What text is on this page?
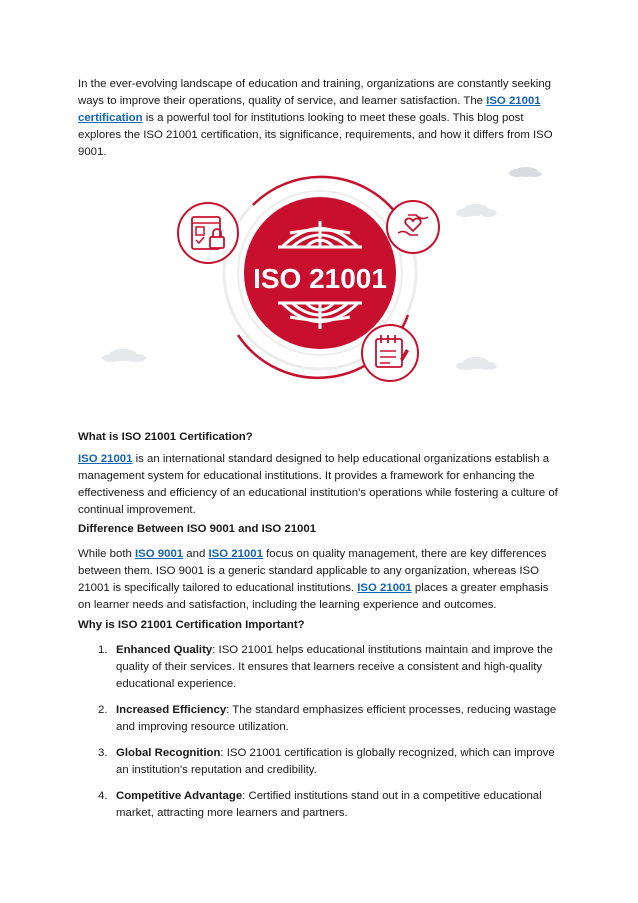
In the ever-evolving landscape of education and training, organizations are constantly seeking ways to improve their operations, quality of service, and learner satisfaction. The ISO 21001 certification is a powerful tool for institutions looking to meet these goals. This blog post explores the ISO 21001 certification, its significance, requirements, and how it differs from ISO 9001.

ISO 21001
What is ISO 21001 Certification?

ISO 21001 is an international standard designed to help educational organizations establish a management system for educational institutions. It provides a framework for enhancing the effectiveness and efficiency of an educational institution's operations while fostering a culture of continual improvement.

Difference Between ISO 9001 and ISO 21001

While both ISO 9001 and ISO 21001 focus on quality management, there are key differences between them. ISO 9001 is a generic standard applicable to any organization, whereas ISO 21001 is specifically tailored to educational institutions. ISO 21001 places a greater emphasis on learner needs and satisfaction, including the learning experience and outcomes.

Why is ISO 21001 Certification Important?
1. Enhanced Quality: ISO 21001 helps educational institutions maintain and improve the quality of their services. It ensures that learners receive a consistent and high-quality educational experience.
2. Increased Efficiency: The standard emphasizes efficient processes, reducing wastage and improving resource utilization.
3. Global Recognition: ISO 21001 certification is globally recognized, which can improve an institution's reputation and credibility.
4. Competitive Advantage: Certified institutions stand out in a competitive educational market, attracting more learners and partners.
